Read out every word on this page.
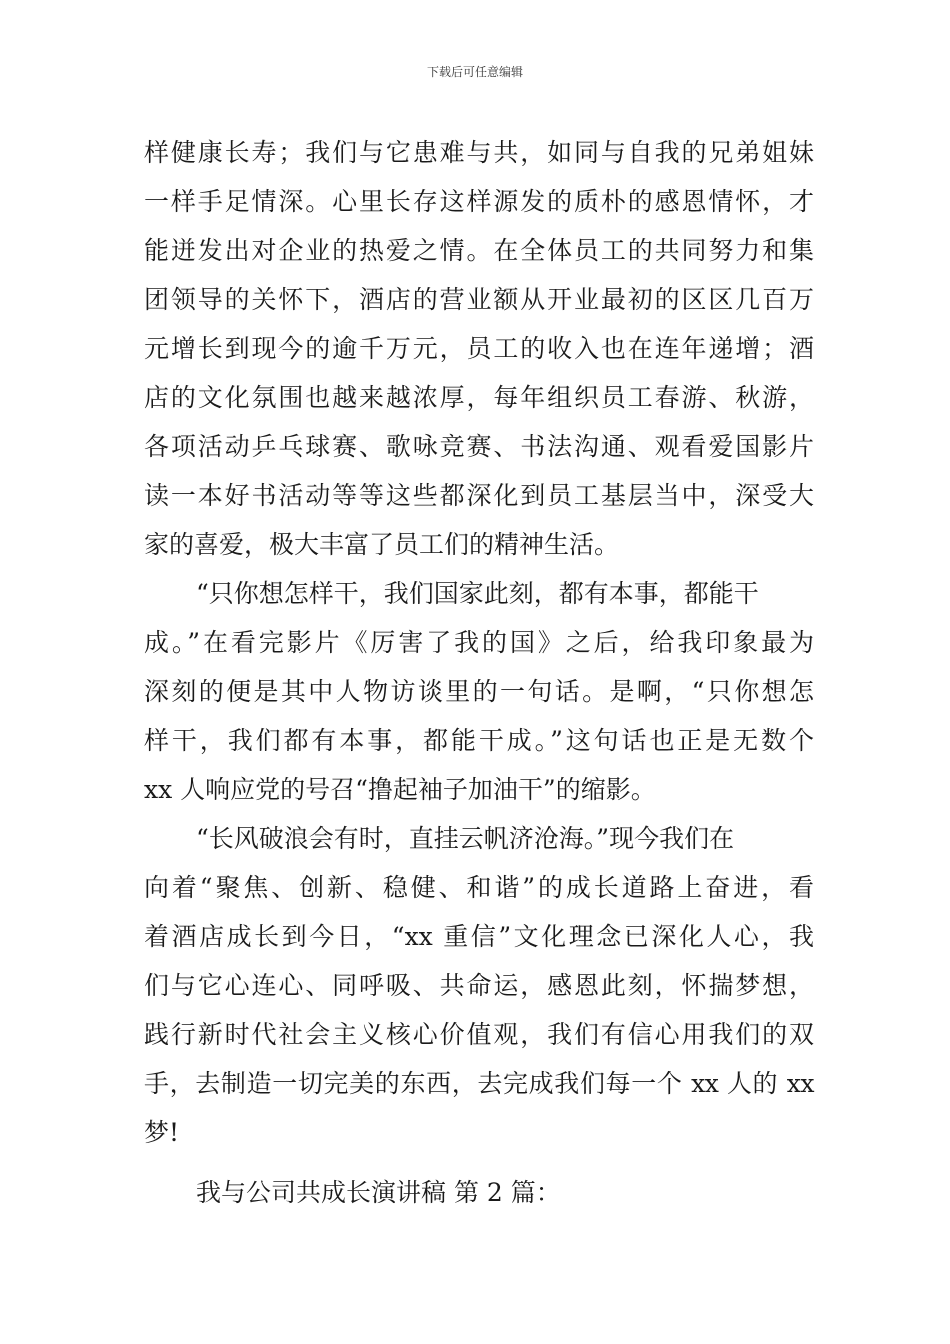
下载后可任意编辑
样健康长寿；我们与它患难与共，如同与自我的兄弟姐妹
一样手足情深。心里长存这样源发的质朴的感恩情怀，才
能迸发出对企业的热爱之情。在全体员工的共同努力和集
团领导的关怀下，酒店的营业额从开业最初的区区几百万
元增长到现今的逾千万元，员工的收入也在连年递增；酒
店的文化氛围也越来越浓厚，每年组织员工春游、秋游，
各项活动乒乓球赛、歌咏竞赛、书法沟通、观看爱国影片
读一本好书活动等等这些都深化到员工基层当中，深受大
家的喜爱，极大丰富了员工们的精神生活。
“只你想怎样干，我们国家此刻，都有本事，都能干
成。”在看完影片《厉害了我的国》之后，给我印象最为
深刻的便是其中人物访谈里的一句话。是啊，“只你想怎
样干，我们都有本事，都能干成。”这句话也正是无数个
xx 人响应党的号召“撸起袖子加油干”的缩影。
“长风破浪会有时，直挂云帆济沧海。”现今我们在
向着“聚焦、创新、稳健、和谐”的成长道路上奋进，看
着酒店成长到今日，“xx 重信”文化理念已深化人心，我
们与它心连心、同呼吸、共命运，感恩此刻，怀揣梦想，
践行新时代社会主义核心价值观，我们有信心用我们的双
手，去制造一切完美的东西，去完成我们每一个 xx 人的 xx
梦!
我与公司共成长演讲稿 第 2 篇：
